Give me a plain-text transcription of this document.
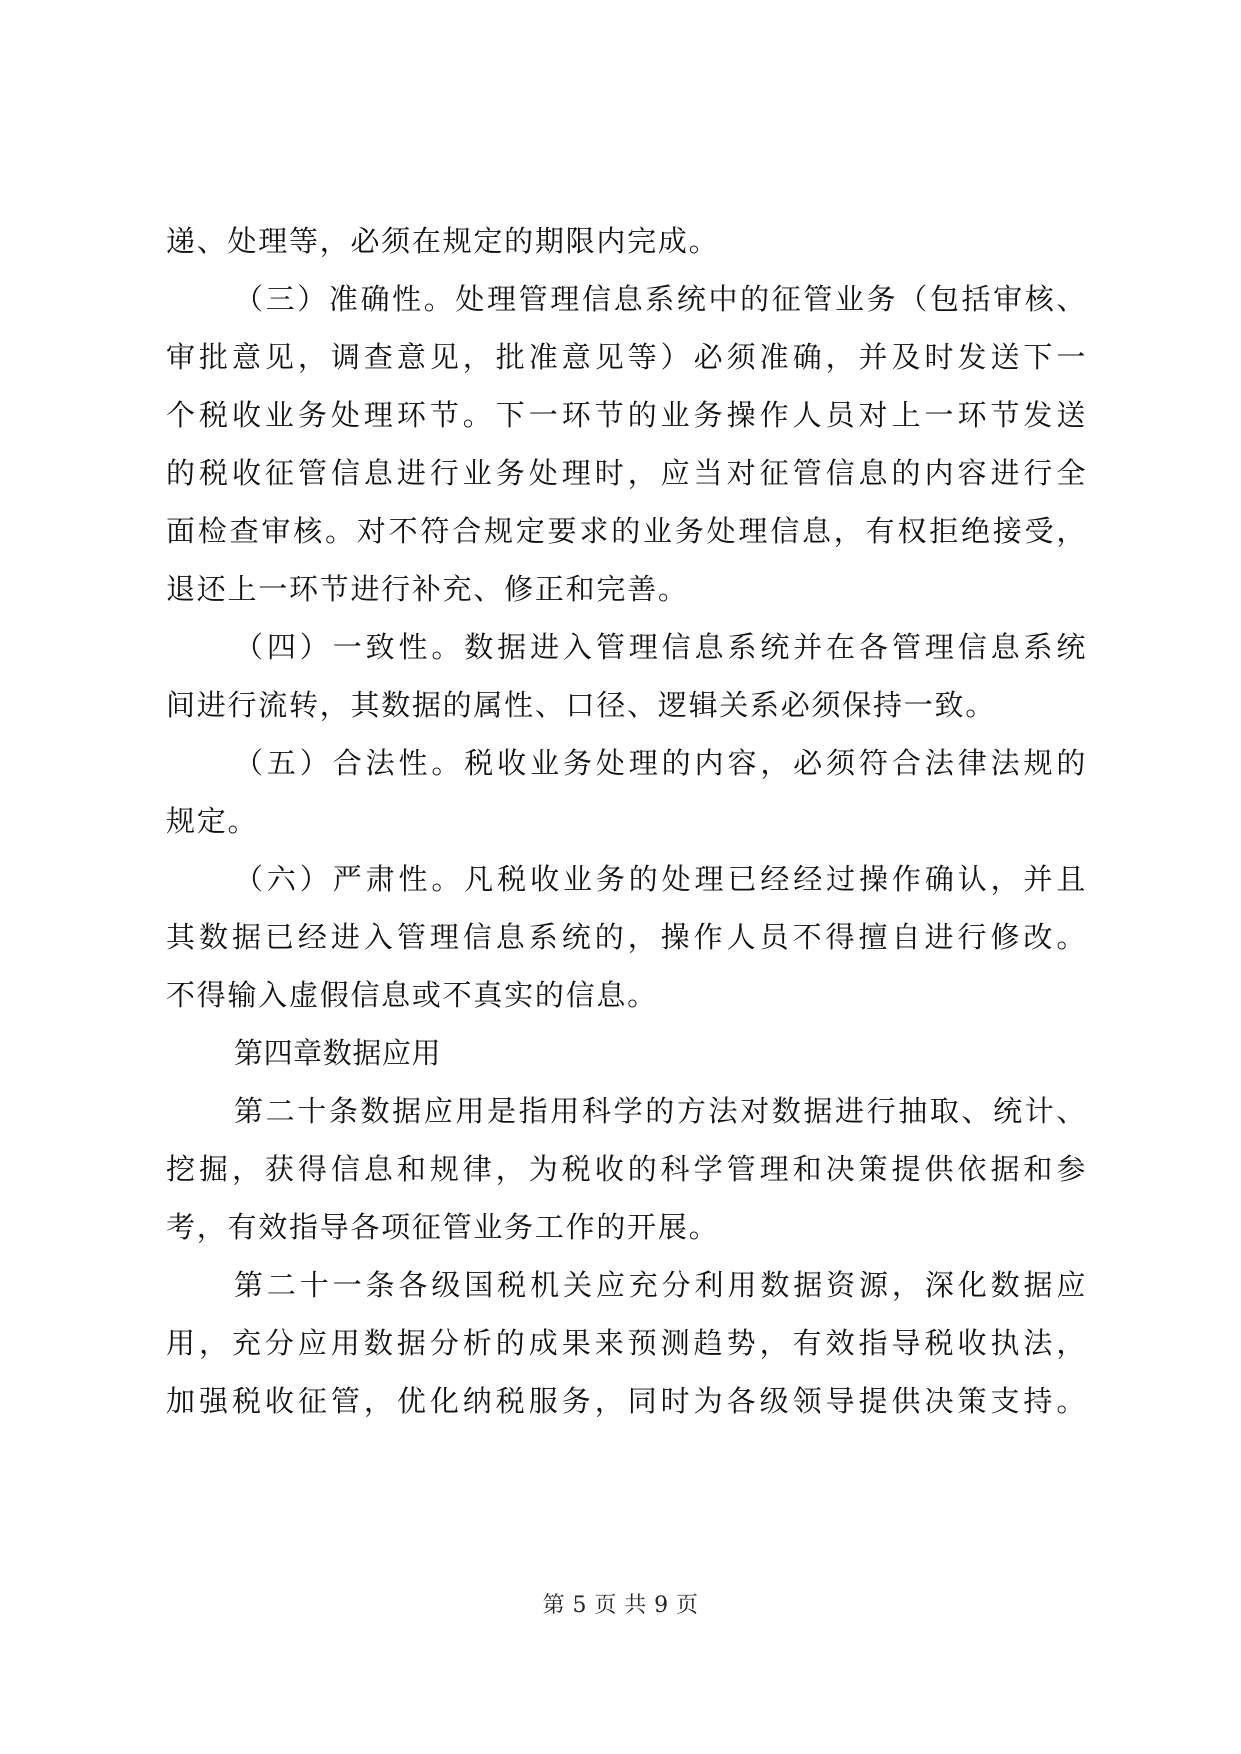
递、处理等，必须在规定的期限内完成。
（三）准确性。处理管理信息系统中的征管业务（包括审核、
审批意见，调查意见，批准意见等）必须准确，并及时发送下一
个税收业务处理环节。下一环节的业务操作人员对上一环节发送
的税收征管信息进行业务处理时，应当对征管信息的内容进行全
面检查审核。对不符合规定要求的业务处理信息，有权拒绝接受，
退还上一环节进行补充、修正和完善。
（四）一致性。数据进入管理信息系统并在各管理信息系统
间进行流转，其数据的属性、口径、逻辑关系必须保持一致。
（五）合法性。税收业务处理的内容，必须符合法律法规的
规定。
（六）严肃性。凡税收业务的处理已经经过操作确认，并且
其数据已经进入管理信息系统的，操作人员不得擅自进行修改。
不得输入虚假信息或不真实的信息。
第四章数据应用
第二十条数据应用是指用科学的方法对数据进行抽取、统计、
挖掘，获得信息和规律，为税收的科学管理和决策提供依据和参
考，有效指导各项征管业务工作的开展。
第二十一条各级国税机关应充分利用数据资源，深化数据应
用，充分应用数据分析的成果来预测趋势，有效指导税收执法，
加强税收征管，优化纳税服务，同时为各级领导提供决策支持。
第 5 页 共 9 页
